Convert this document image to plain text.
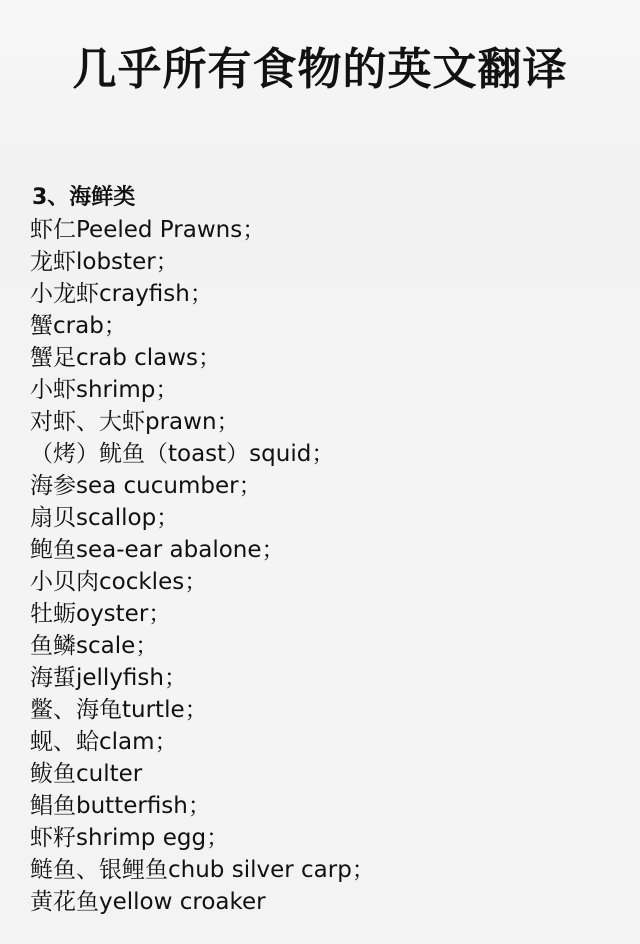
几乎所有食物的英文翻译
3、海鲜类
虾仁Peeled Prawns；
龙虾lobster；
小龙虾crayfish；
蟹crab；
蟹足crab claws；
小虾shrimp；
对虾、大虾prawn；
（烤）鱿鱼（toast）squid；
海参sea cucumber；
扇贝scallop；
鲍鱼sea-ear abalone；
小贝肉cockles；
牡蛎oyster；
鱼鳞scale；
海蜇jellyfish；
鳖、海龟turtle；
蚬、蛤clam；
鲅鱼culter
鲳鱼butterfish；
虾籽shrimp egg；
鲢鱼、银鲤鱼chub silver carp；
黄花鱼yellow croaker
